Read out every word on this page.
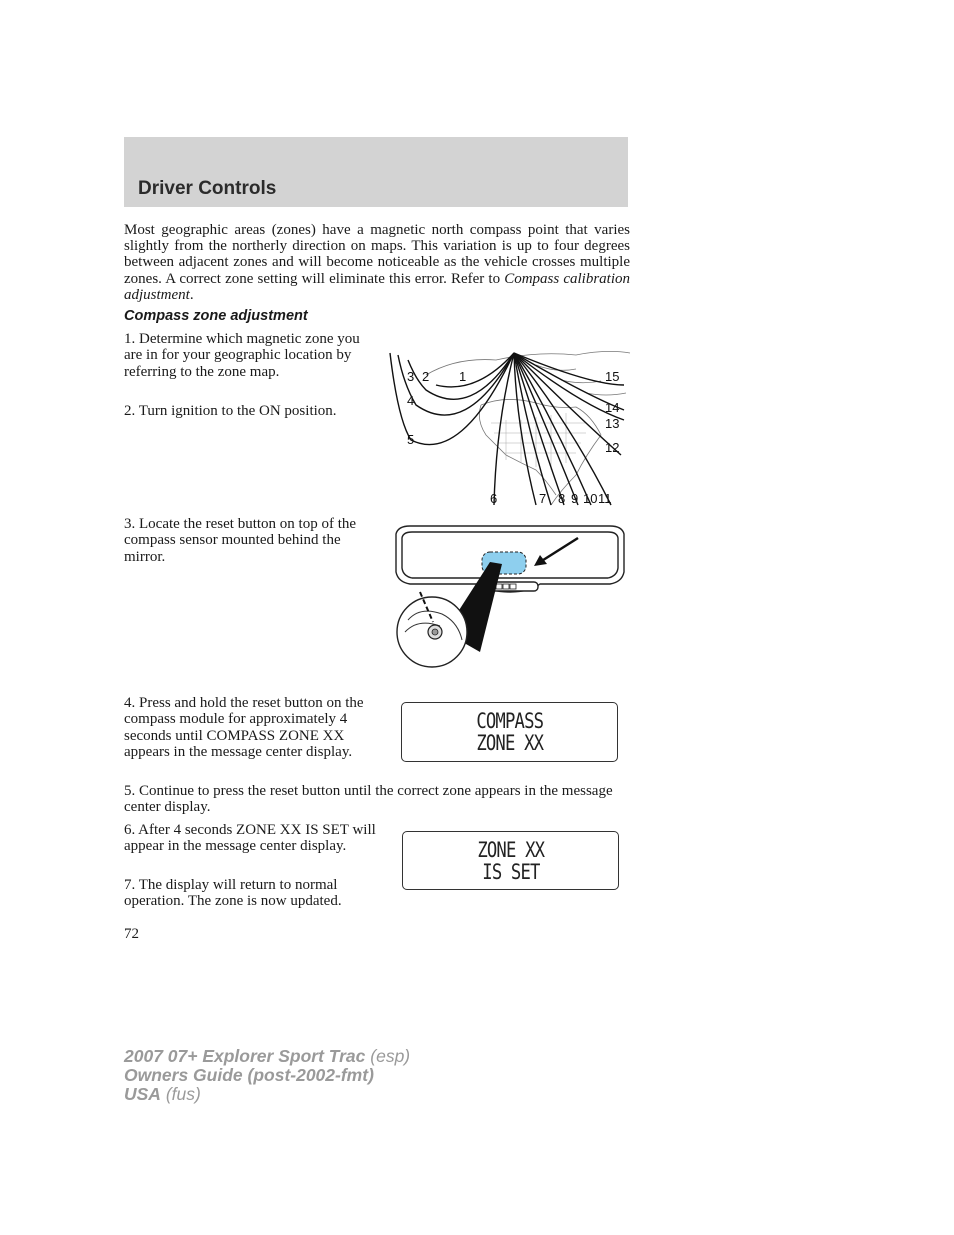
Driver Controls

Most geographic areas (zones) have a magnetic north compass point that varies slightly from the northerly direction on maps. This variation is up to four degrees between adjacent zones and will become noticeable as the vehicle crosses multiple zones. A correct zone setting will eliminate this error. Refer to Compass calibration adjustment.

Compass zone adjustment

1. Determine which magnetic zone you are in for your geographic location by referring to the zone map.

2. Turn ignition to the ON position.

3. Locate the reset button on top of the compass sensor mounted behind the mirror.

4. Press and hold the reset button on the compass module for approximately 4 seconds until COMPASS ZONE XX appears in the message center display.

5. Continue to press the reset button until the correct zone appears in the message center display.

6. After 4 seconds ZONE XX IS SET will appear in the message center display.

7. The display will return to normal operation. The zone is now updated.

3 2 1
4
5
15
14
13
12
6	7 8 9 10 11
COMPASS
ZONE XX
ZONE XX
IS SET

72

2007 07+ Explorer Sport Trac (esp)
Owners Guide (post-2002-fmt)
USA (fus)
